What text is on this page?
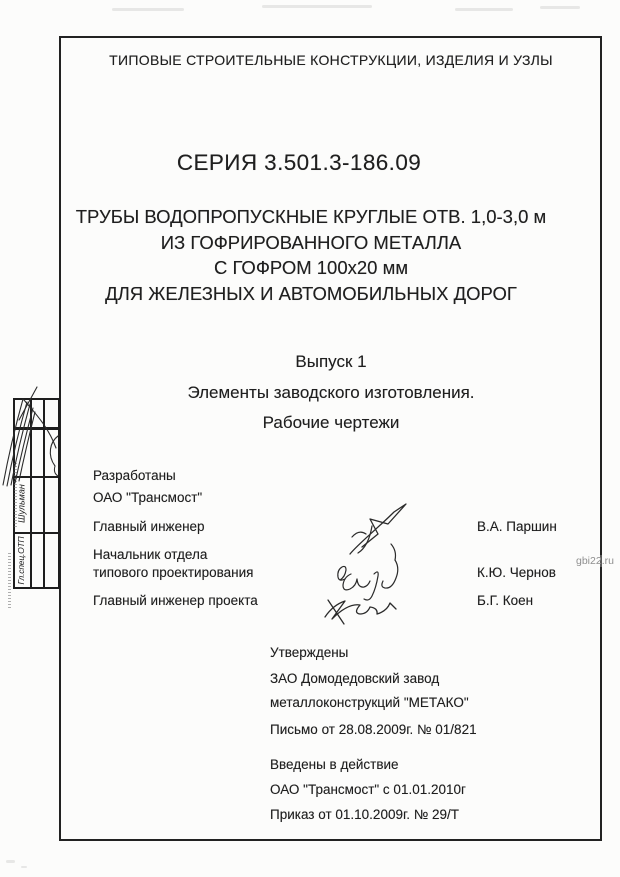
ТИПОВЫЕ СТРОИТЕЛЬНЫЕ КОНСТРУКЦИИ, ИЗДЕЛИЯ И УЗЛЫ
СЕРИЯ 3.501.3-186.09
ТРУБЫ ВОДОПРОПУСКНЫЕ КРУГЛЫЕ ОТВ. 1,0-3,0 м
ИЗ ГОФРИРОВАННОГО МЕТАЛЛА
С ГОФРОМ 100х20 мм
ДЛЯ ЖЕЛЕЗНЫХ И АВТОМОБИЛЬНЫХ ДОРОГ
Выпуск 1
Элементы заводского изготовления.
Рабочие чертежи
Разработаны
ОАО "Трансмост"
Главный инженер	В.А. Паршин
Начальник отдела
типового проектирования	К.Ю. Чернов
Главный инженер проекта	Б.Г. Коен
Утверждены
ЗАО Домодедовский завод
металлоконструкций "МЕТАКО"
Письмо от 28.08.2009г. № 01/821
Введены в действие
ОАО "Трансмост" с 01.01.2010г
Приказ от 01.10.2009г. № 29/Т
Шульман
Гл.спец.ОТП	gbi22.ru
